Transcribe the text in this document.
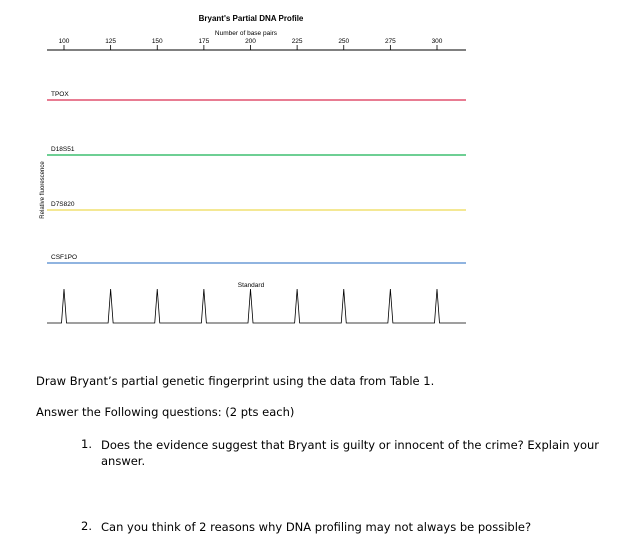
Bryant's Partial DNA Profile
Number of base pairs
Relative fluorescence
100	125	150	175	200	225	250	275	300
TPOX
D18S51
D7S820
CSF1PO
Standard
Draw Bryant’s partial genetic fingerprint using the data from Table 1.
Answer the Following questions: (2 pts each)
1. Does the evidence suggest that Bryant is guilty or innocent of the crime? Explain your
answer.
2. Can you think of 2 reasons why DNA profiling may not always be possible?
